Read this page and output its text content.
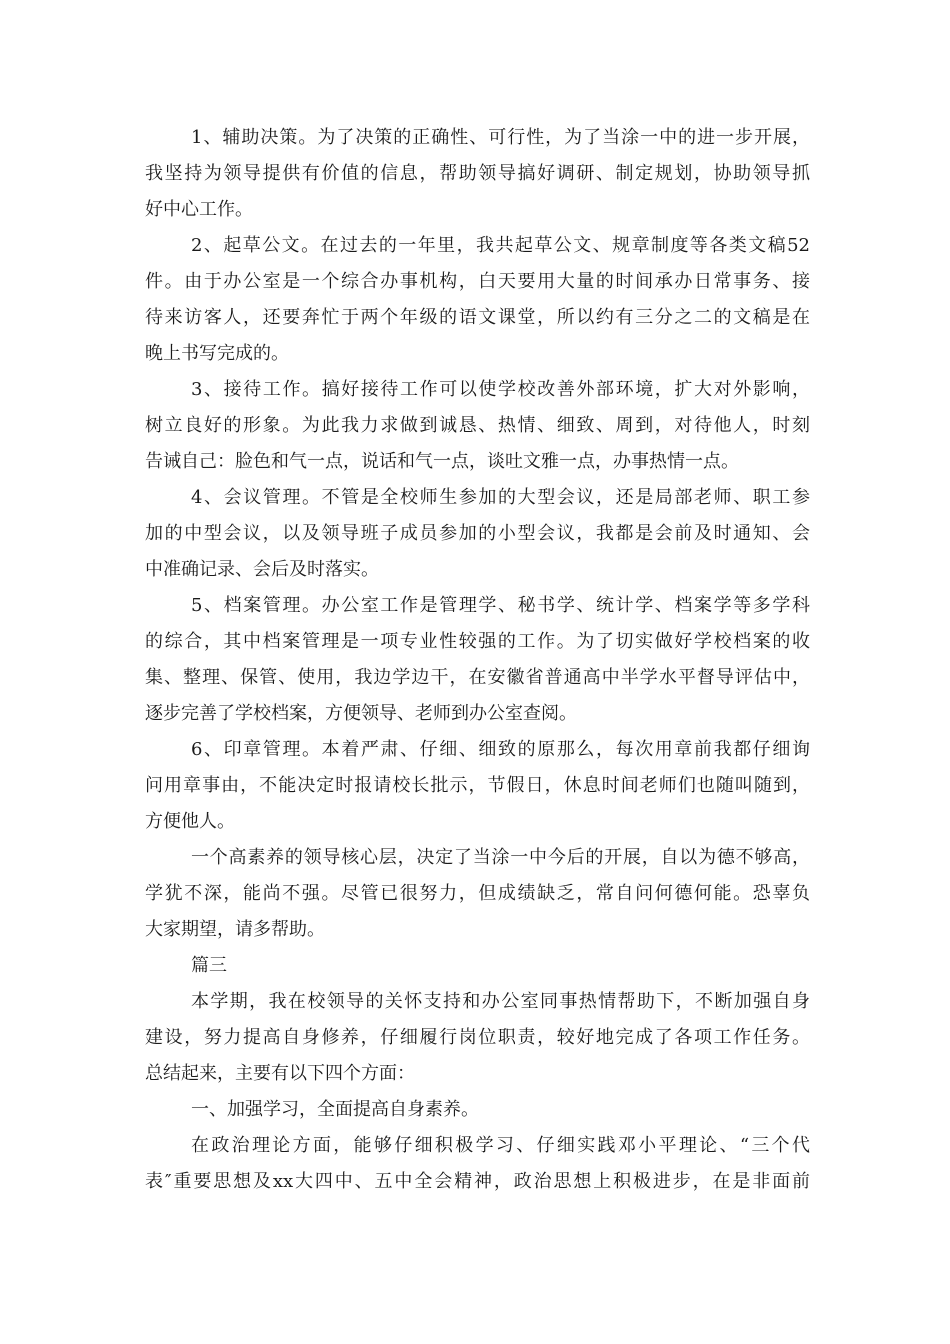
1、辅助决策。为了决策的正确性、可行性，为了当涂一中的进一步开展，
我坚持为领导提供有价值的信息，帮助领导搞好调研、制定规划，协助领导抓
好中心工作。
2、起草公文。在过去的一年里，我共起草公文、规章制度等各类文稿52
件。由于办公室是一个综合办事机构，白天要用大量的时间承办日常事务、接
待来访客人，还要奔忙于两个年级的语文课堂，所以约有三分之二的文稿是在
晚上书写完成的。
3、接待工作。搞好接待工作可以使学校改善外部环境，扩大对外影响，
树立良好的形象。为此我力求做到诚恳、热情、细致、周到，对待他人，时刻
告诫自己：脸色和气一点，说话和气一点，谈吐文雅一点，办事热情一点。
4、会议管理。不管是全校师生参加的大型会议，还是局部老师、职工参
加的中型会议，以及领导班子成员参加的小型会议，我都是会前及时通知、会
中准确记录、会后及时落实。
5、档案管理。办公室工作是管理学、秘书学、统计学、档案学等多学科
的综合，其中档案管理是一项专业性较强的工作。为了切实做好学校档案的收
集、整理、保管、使用，我边学边干，在安徽省普通高中半学水平督导评估中，
逐步完善了学校档案，方便领导、老师到办公室查阅。
6、印章管理。本着严肃、仔细、细致的原那么，每次用章前我都仔细询
问用章事由，不能决定时报请校长批示，节假日，休息时间老师们也随叫随到，
方便他人。
一个高素养的领导核心层，决定了当涂一中今后的开展，自以为德不够高，
学犹不深，能尚不强。尽管已很努力，但成绩缺乏，常自问何德何能。恐辜负
大家期望，请多帮助。
篇三
本学期，我在校领导的关怀支持和办公室同事热情帮助下，不断加强自身
建设，努力提高自身修养，仔细履行岗位职责，较好地完成了各项工作任务。
总结起来，主要有以下四个方面：
一、加强学习，全面提高自身素养。
在政治理论方面，能够仔细积极学习、仔细实践邓小平理论、“三个代
表″重要思想及xx大四中、五中全会精神，政治思想上积极进步，在是非面前
